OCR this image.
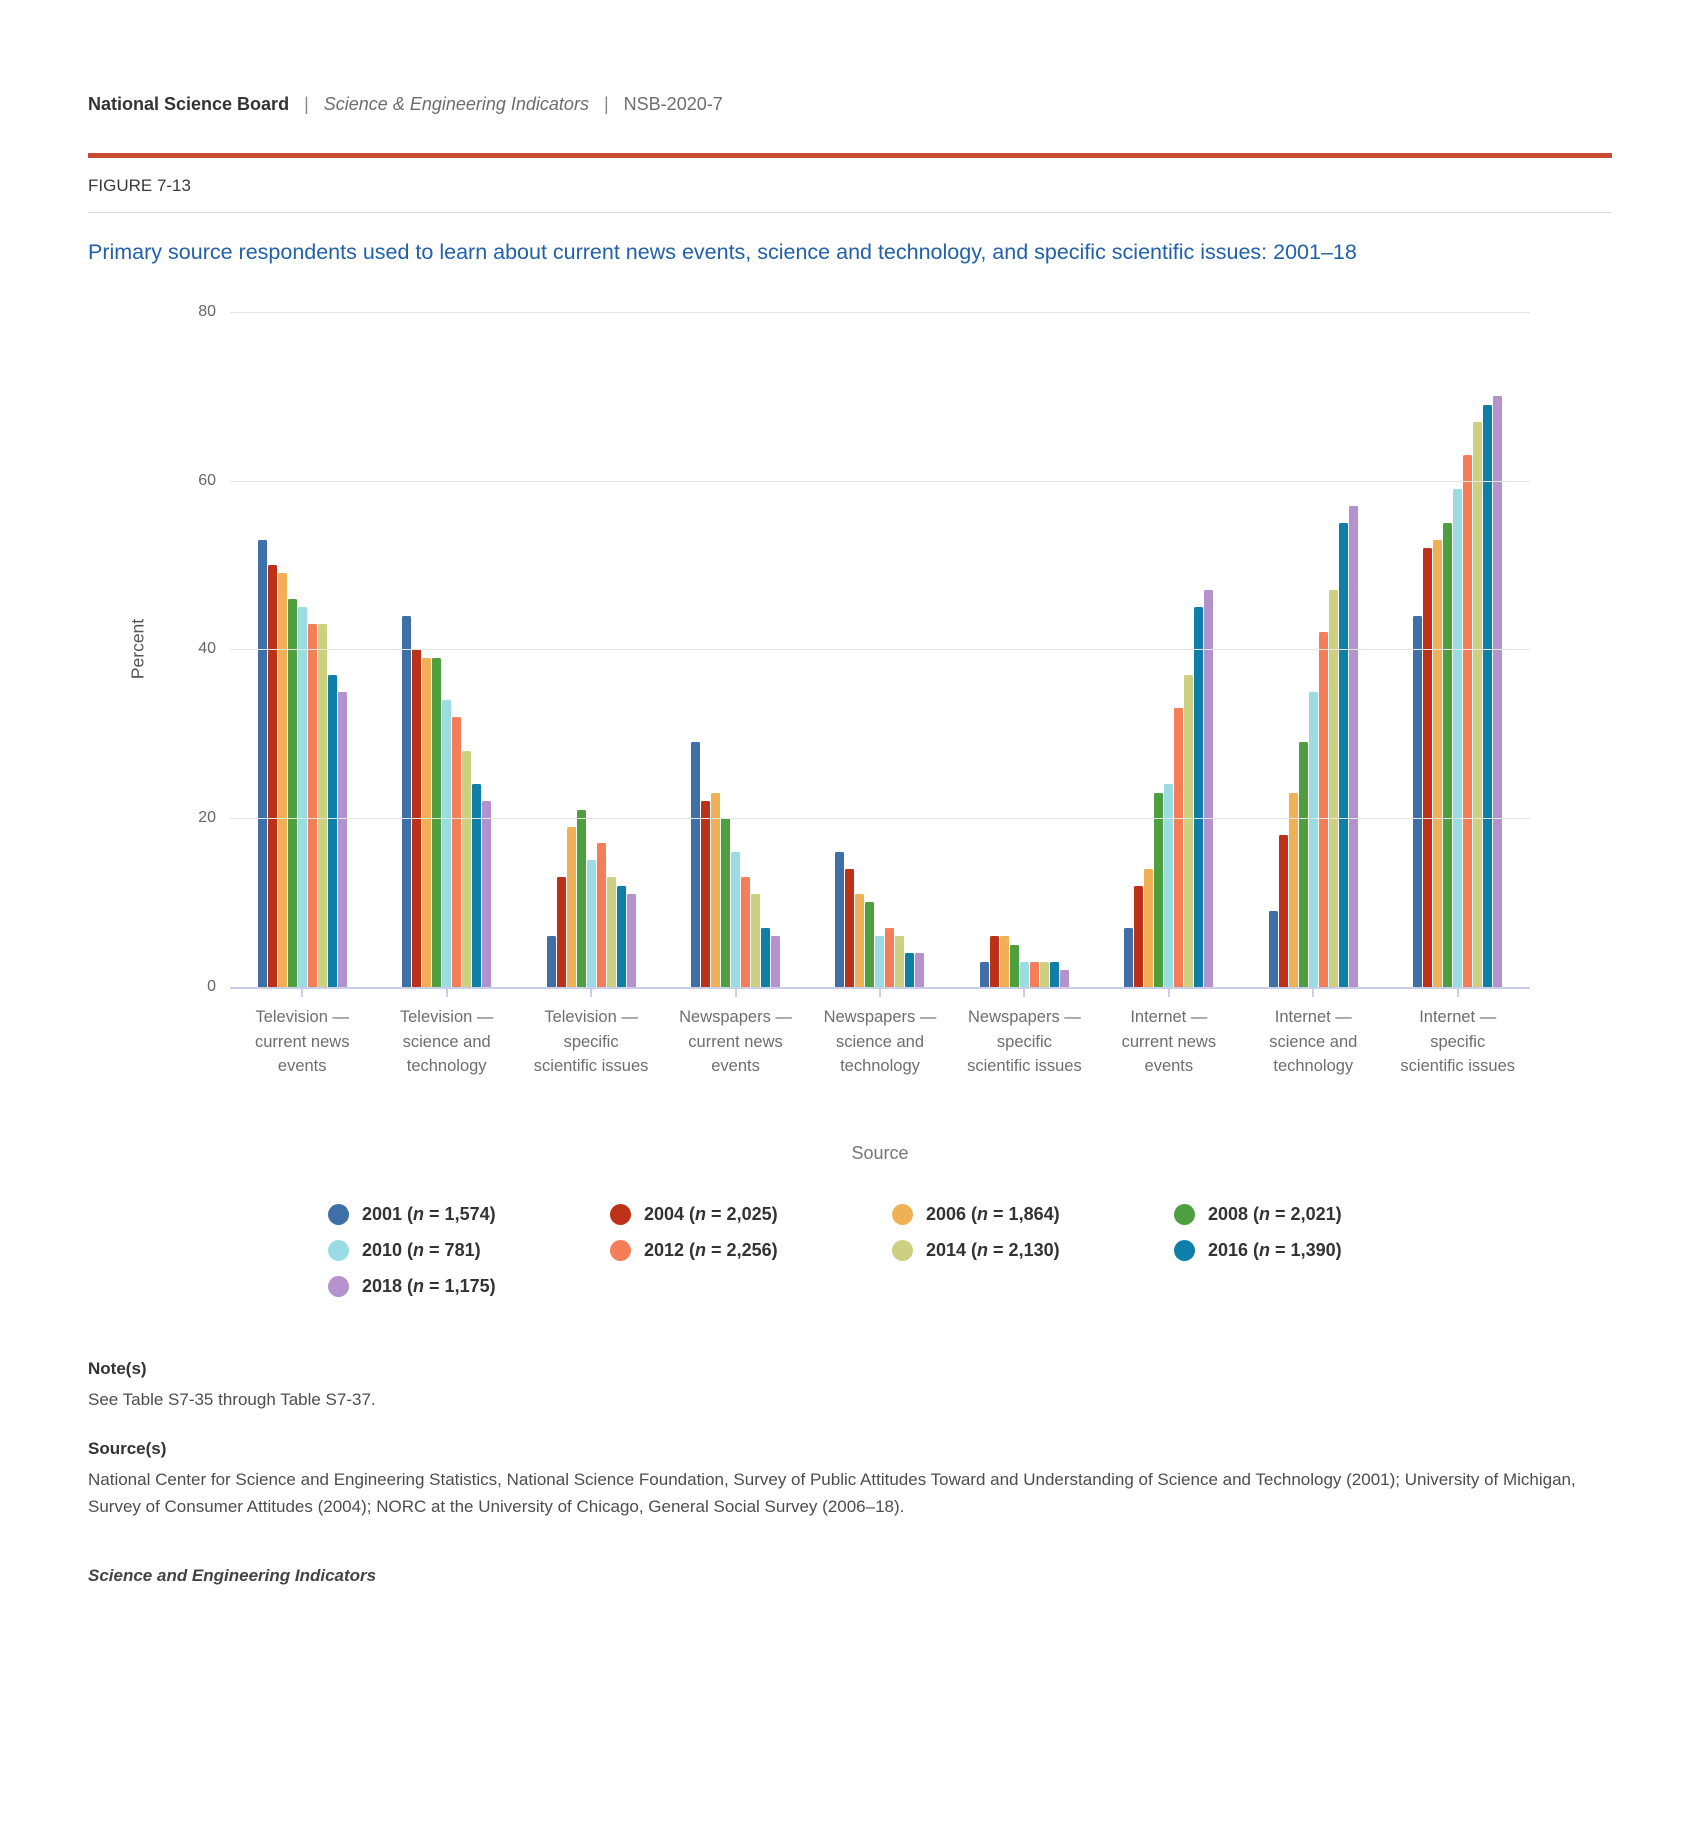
National Science Board | Science & Engineering Indicators | NSB-2020-7
FIGURE 7-13
Primary source respondents used to learn about current news events, science and technology, and specific scientific issues: 2001–18
Percent
0
20
40
60
80
Television — current news events
Television — science and technology
Television — specific scientific issues
Newspapers — current news events
Newspapers — science and technology
Newspapers — specific scientific issues
Internet — current news events
Internet — science and technology
Internet — specific scientific issues
Source
2001 (n = 1,574)	2004 (n = 2,025)	2006 (n = 1,864)	2008 (n = 2,021)
2010 (n = 781)	2012 (n = 2,256)	2014 (n = 2,130)	2016 (n = 1,390)
2018 (n = 1,175)
Note(s)
See Table S7-35 through Table S7-37.
Source(s)
National Center for Science and Engineering Statistics, National Science Foundation, Survey of Public Attitudes Toward and Understanding of Science and Technology (2001); University of Michigan, Survey of Consumer Attitudes (2004); NORC at the University of Chicago, General Social Survey (2006–18).
Science and Engineering Indicators
